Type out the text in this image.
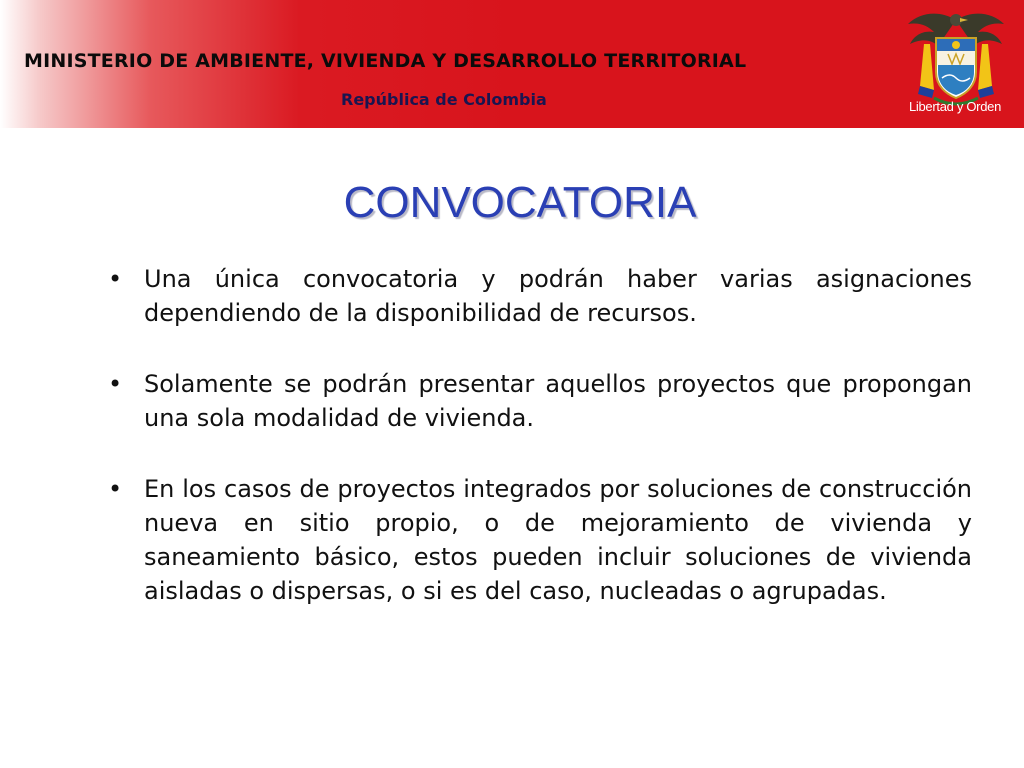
MINISTERIO DE AMBIENTE, VIVIENDA Y DESARROLLO TERRITORIAL
República de Colombia	Libertad y Orden
CONVOCATORIA
• Una única convocatoria y podrán haber varias asignaciones dependiendo de la disponibilidad de recursos.
• Solamente se podrán presentar aquellos proyectos que propongan una sola modalidad de vivienda.
• En los casos de proyectos integrados por soluciones de construcción nueva en sitio propio, o de mejoramiento de vivienda y saneamiento básico, estos pueden incluir soluciones de vivienda aisladas o dispersas, o si es del caso, nucleadas o agrupadas.
